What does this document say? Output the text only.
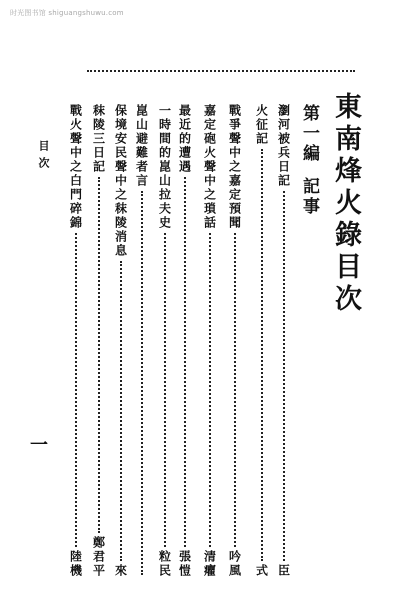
时光图书馆 shiguangshuwu.com
東南烽火錄目次
第一編記事
瀏河被兵日記
臣
火征記
式
戰爭聲中之嘉定預聞
吟風
嘉定砲火聲中之瑣話
清癯
最近的遭遇
張愷
一時間的崑山拉夫史
粒民
崑山避難者言
保境安民聲中之秣陵消息
來
秣陵三日記
鄭君平
戰火聲中之白門碎錦
陸機
目次
一
